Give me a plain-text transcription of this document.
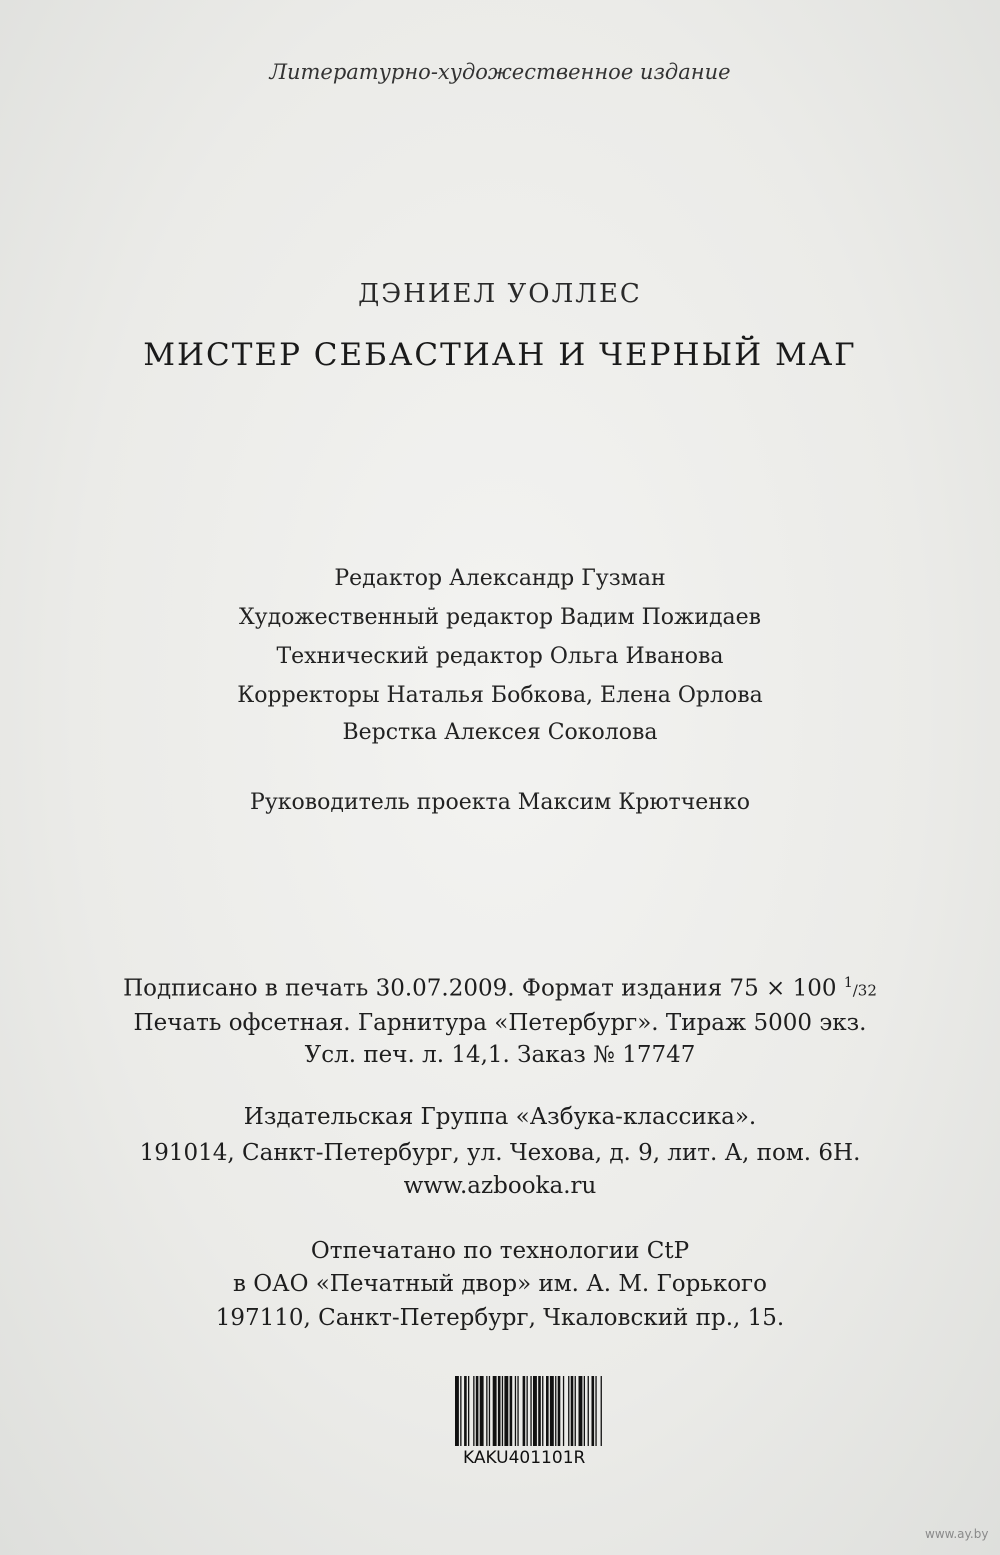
Литературно-художественное издание
ДЭНИЕЛ УОЛЛЕС
МИСТЕР СЕБАСТИАН И ЧЕРНЫЙ МАГ
Редактор Александр Гузман
Художественный редактор Вадим Пожидаев
Технический редактор Ольга Иванова
Корректоры Наталья Бобкова, Елена Орлова
Верстка Алексея Соколова
Руководитель проекта Максим Крютченко
Подписано в печать 30.07.2009. Формат издания 75 × 100 $^1$/32
Печать офсетная. Гарнитура «Петербург». Тираж 5000 экз.
Усл. печ. л. 14,1. Заказ № 17747
Издательская Группа «Азбука-классика».
191014, Санкт-Петербург, ул. Чехова, д. 9, лит. А, пом. 6Н.
www.azbooka.ru
Отпечатано по технологии CtP
в ОАО «Печатный двор» им. А. М. Горького
197110, Санкт-Петербург, Чкаловский пр., 15.
KAKU401101R
www.ay.by
